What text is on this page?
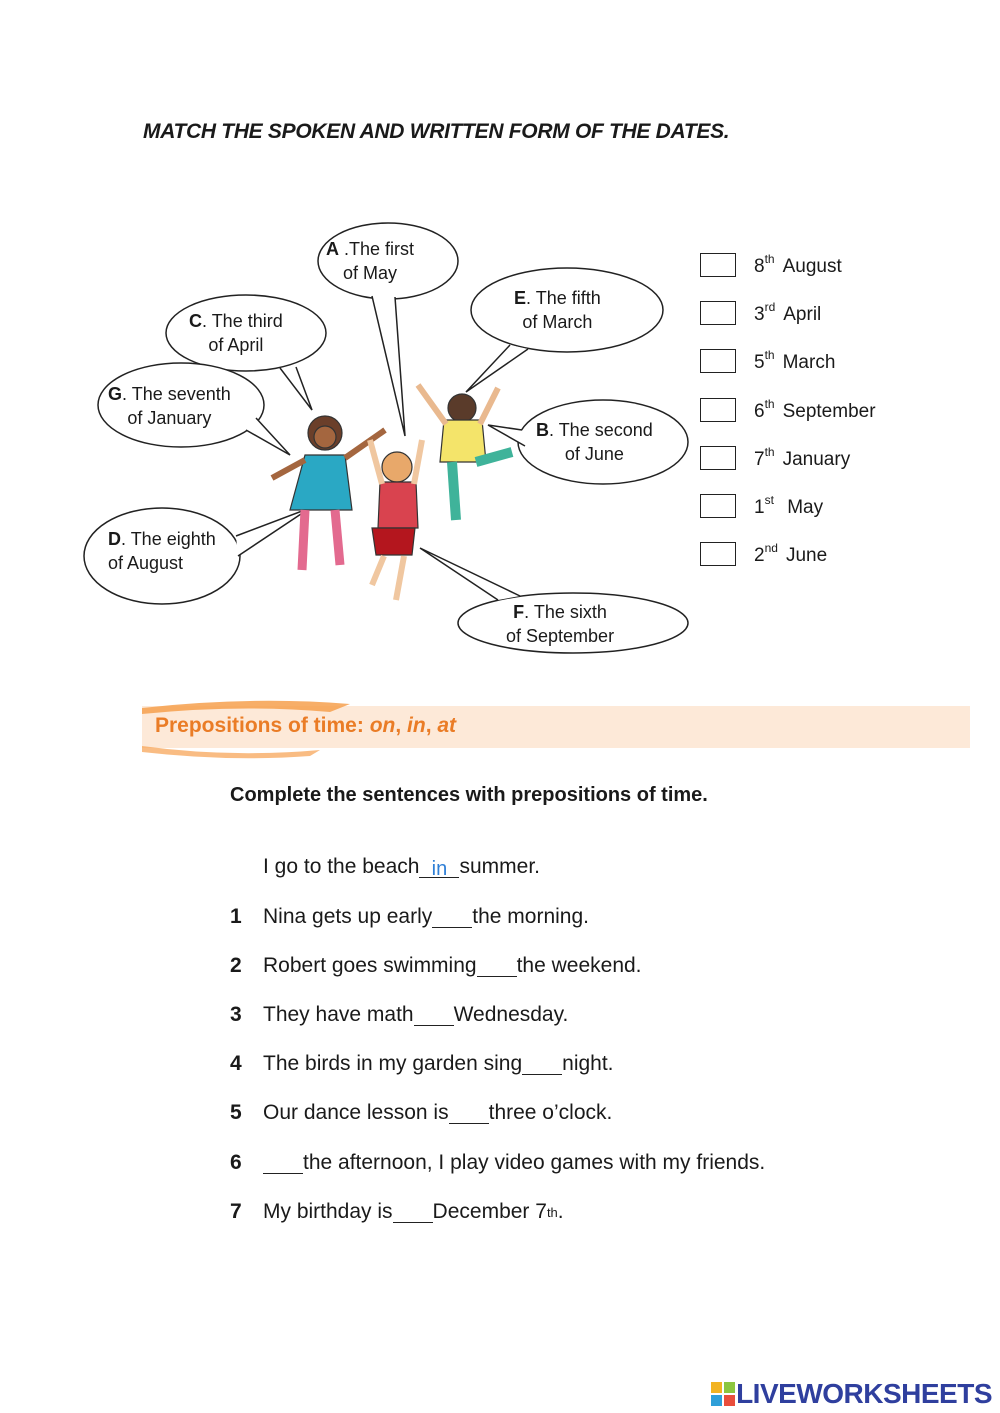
MATCH THE SPOKEN AND WRITTEN FORM OF THE DATES.
A .The first
of May
B. The second
of June
C. The third
of April
D. The eighth
of August
E. The fifth
of March
F. The sixth
of September
G. The seventh
of January
8th August
3rd April
5th March
6th September
7th January
1st May
2nd June
Prepositions of time: on, in, at
Complete the sentences with prepositions of time.
I go to the beach in summer.
1	Nina gets up early the morning.
2	Robert goes swimming the weekend.
3	They have math Wednesday.
4	The birds in my garden sing night.
5	Our dance lesson is three o’clock.
6	the afternoon, I play video games with my friends.
7	My birthday is December 7 th .
LIVEWORKSHEETS
